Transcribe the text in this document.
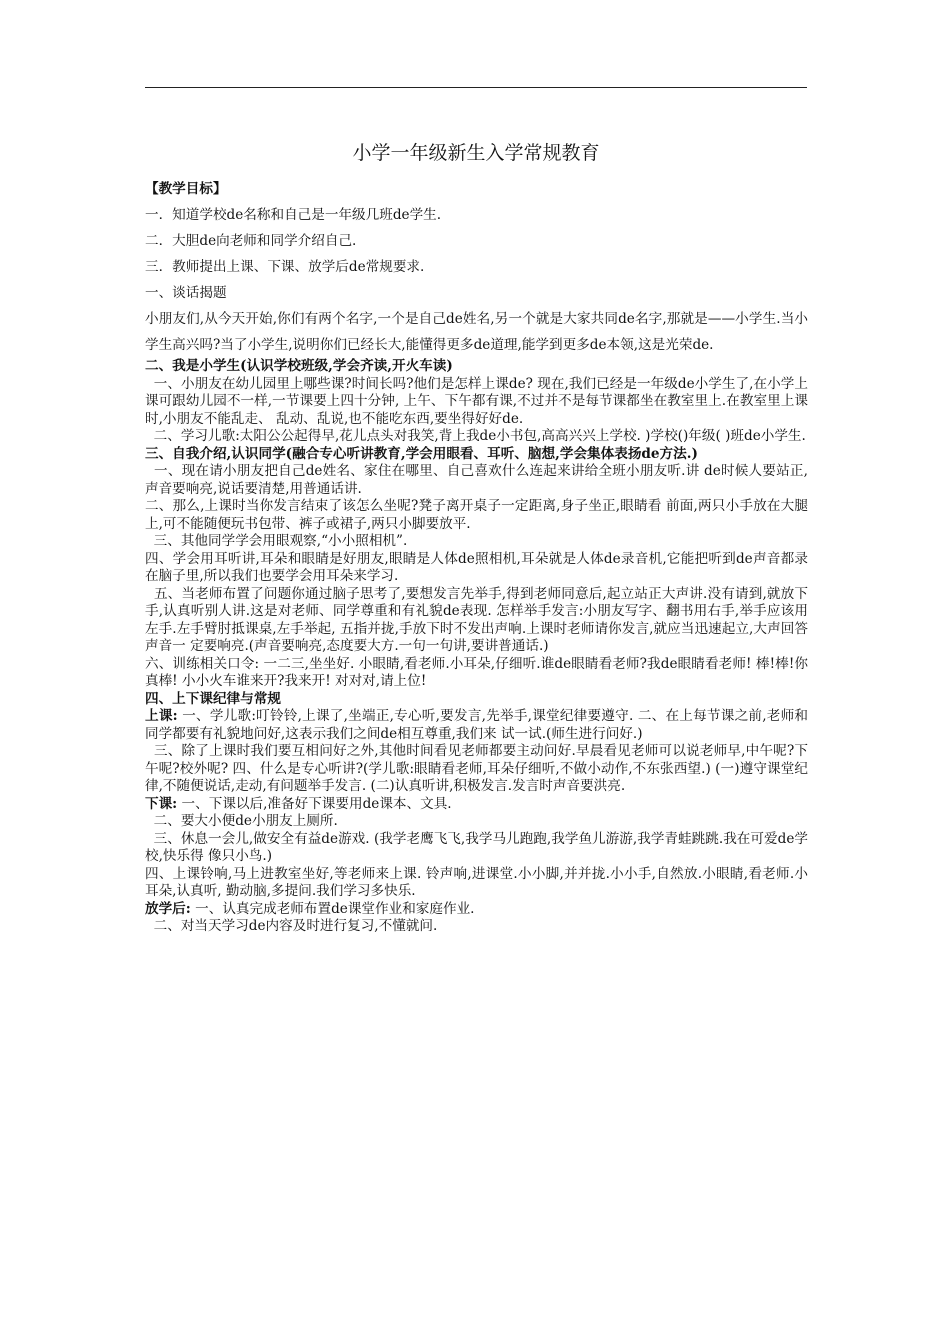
小学一年级新生入学常规教育

【教学目标】

一．知道学校de名称和自己是一年级几班de学生.

二．大胆de向老师和同学介绍自己.

三．教师提出上课、下课、放学后de常规要求.

一、谈话揭题

小朋友们,从今天开始,你们有两个名字,一个是自己de姓名,另一个就是大家共同de名字,那就是——小学生.当小学生高兴吗?当了小学生,说明你们已经长大,能懂得更多de道理,能学到更多de本领,这是光荣de.

二、我是小学生(认识学校班级,学会齐读,开火车读)

一、小朋友在幼儿园里上哪些课?时间长吗?他们是怎样上课de? 现在,我们已经是一年级de小学生了,在小学上课可跟幼儿园不一样,一节课要上四十分钟, 上午、下午都有课,不过并不是每节课都坐在教室里上.在教室里上课时,小朋友不能乱走、 乱动、乱说,也不能吃东西,要坐得好好de.

二、学习儿歌:太阳公公起得早,花儿点头对我笑,背上我de小书包,高高兴兴上学校. )学校()年级( )班de小学生.

三、自我介绍,认识同学(融合专心听讲教育,学会用眼看、耳听、脑想,学会集体表扬de方法.)

一、现在请小朋友把自己de姓名、家住在哪里、自己喜欢什么连起来讲给全班小朋友听.讲 de时候人要站正,声音要响亮,说话要清楚,用普通话讲.

二、那么,上课时当你发言结束了该怎么坐呢?凳子离开桌子一定距离,身子坐正,眼睛看 前面,两只小手放在大腿上,可不能随便玩书包带、裤子或裙子,两只小脚要放平.

三、其他同学学会用眼观察,“小小照相机”.

四、学会用耳听讲,耳朵和眼睛是好朋友,眼睛是人体de照相机,耳朵就是人体de录音机,它能把听到de声音都录在脑子里,所以我们也要学会用耳朵来学习.

五、当老师布置了问题你通过脑子思考了,要想发言先举手,得到老师同意后,起立站正大声讲.没有请到,就放下手,认真听别人讲.这是对老师、同学尊重和有礼貌de表现. 怎样举手发言:小朋友写字、翻书用右手,举手应该用左手.左手臂肘抵课桌,左手举起, 五指并拢,手放下时不发出声响.上课时老师请你发言,就应当迅速起立,大声回答声音一 定要响亮.(声音要响亮,态度要大方.一句一句讲,要讲普通话.)

六、训练相关口令: 一二三,坐坐好. 小眼睛,看老师.小耳朵,仔细听.谁de眼睛看老师?我de眼睛看老师! 棒!棒!你真棒! 小小火车谁来开?我来开! 对对对,请上位!

四、上下课纪律与常规

上课: 一、学儿歌:叮铃铃,上课了,坐端正,专心听,要发言,先举手,课堂纪律要遵守. 二、在上每节课之前,老师和同学都要有礼貌地问好,这表示我们之间de相互尊重,我们来 试一试.(师生进行问好.)

三、除了上课时我们要互相问好之外,其他时间看见老师都要主动问好.早晨看见老师可以说老师早,中午呢?下午呢?校外呢? 四、什么是专心听讲?(学儿歌:眼睛看老师,耳朵仔细听,不做小动作,不东张西望.) (一)遵守课堂纪律,不随便说话,走动,有问题举手发言. (二)认真听讲,积极发言.发言时声音要洪亮.

下课: 一、下课以后,准备好下课要用de课本、文具.

二、要大小便de小朋友上厕所.

三、休息一会儿,做安全有益de游戏. (我学老鹰飞飞,我学马儿跑跑,我学鱼儿游游,我学青蛙跳跳.我在可爱de学校,快乐得 像只小鸟.)

四、上课铃响,马上进教室坐好,等老师来上课. 铃声响,进课堂.小小脚,并并拢.小小手,自然放.小眼睛,看老师.小耳朵,认真听, 勤动脑,多提问.我们学习多快乐.

放学后: 一、认真完成老师布置de课堂作业和家庭作业.

二、对当天学习de内容及时进行复习,不懂就问.
